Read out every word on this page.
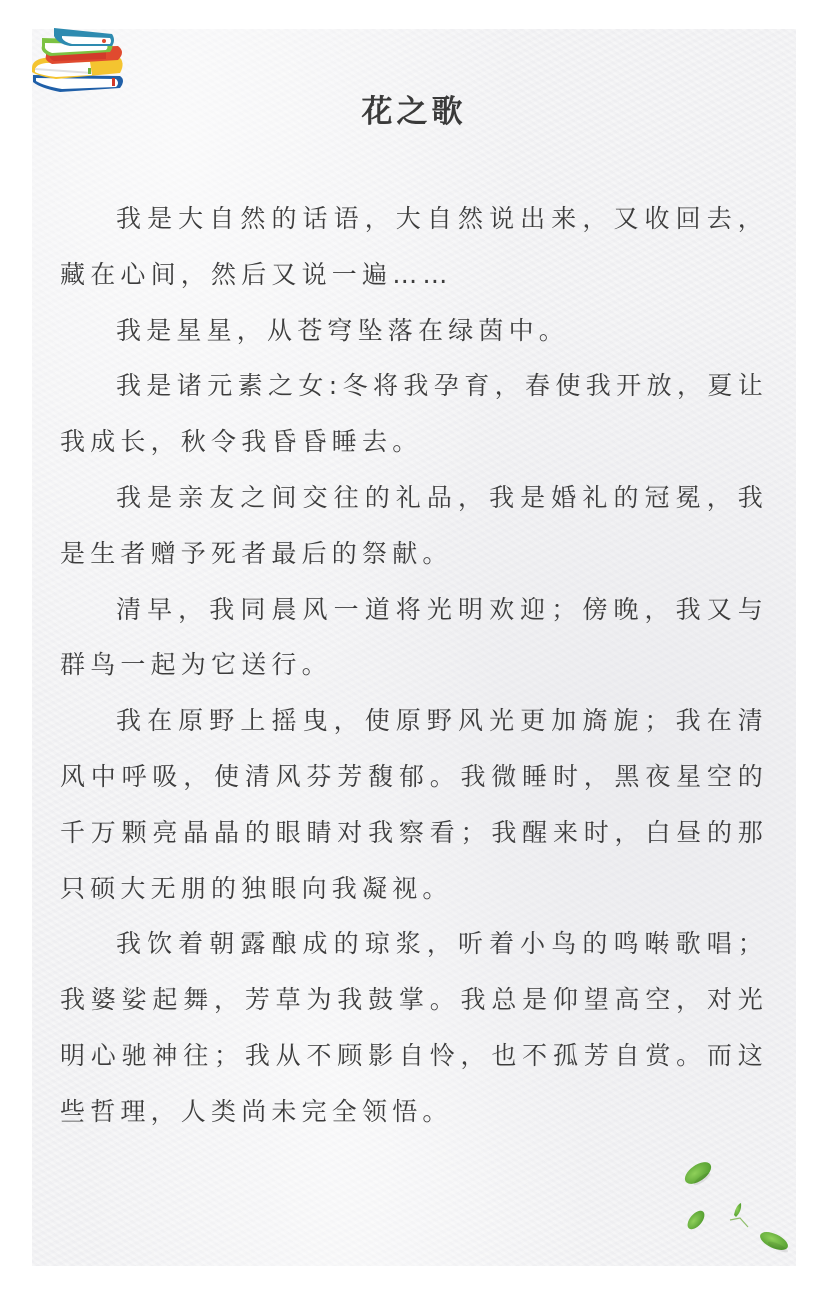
花之歌

我是大自然的话语，大自然说出来，又收回去，藏在心间，然后又说一遍……

我是星星，从苍穹坠落在绿茵中。

我是诸元素之女:冬将我孕育，春使我开放，夏让我成长，秋令我昏昏睡去。

我是亲友之间交往的礼品，我是婚礼的冠冕，我是生者赠予死者最后的祭献。

清早，我同晨风一道将光明欢迎；傍晚，我又与群鸟一起为它送行。

我在原野上摇曳，使原野风光更加旖旎；我在清风中呼吸，使清风芬芳馥郁。我微睡时，黑夜星空的千万颗亮晶晶的眼睛对我察看；我醒来时，白昼的那只硕大无朋的独眼向我凝视。

我饮着朝露酿成的琼浆，听着小鸟的鸣啭歌唱；我婆娑起舞，芳草为我鼓掌。我总是仰望高空，对光明心驰神往；我从不顾影自怜，也不孤芳自赏。而这些哲理，人类尚未完全领悟。
